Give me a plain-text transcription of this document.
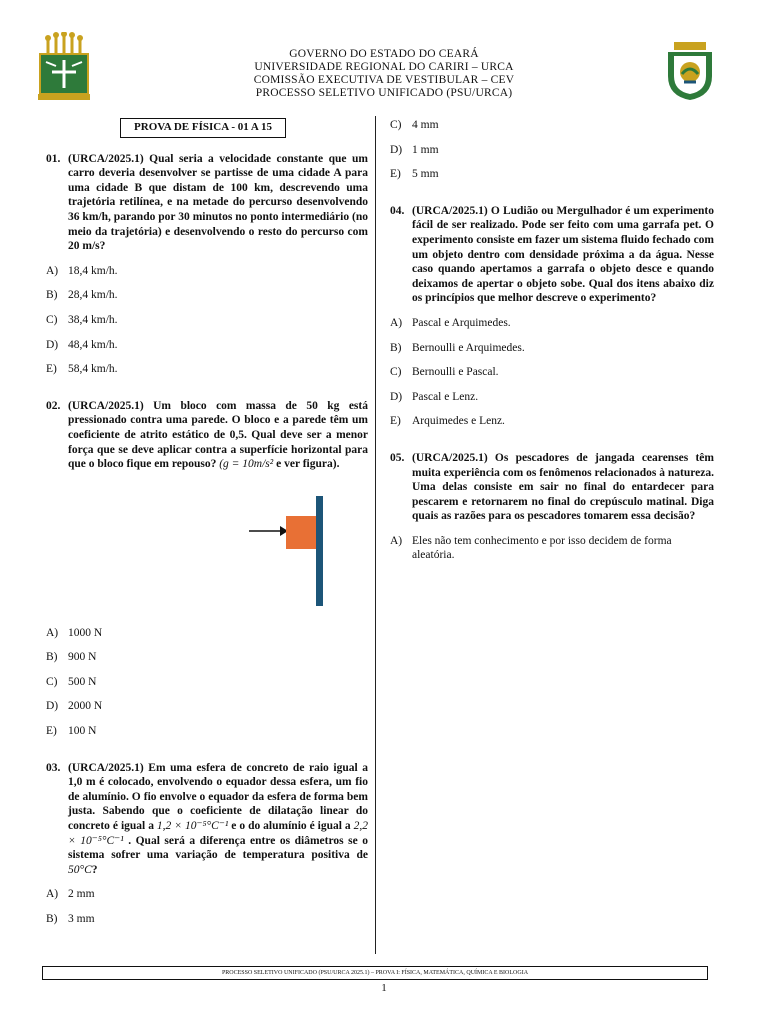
GOVERNO DO ESTADO DO CEARÁ
UNIVERSIDADE REGIONAL DO CARIRI – URCA
COMISSÃO EXECUTIVA DE VESTIBULAR – CEV
PROCESSO SELETIVO UNIFICADO (PSU/URCA)
PROVA DE FÍSICA - 01 A 15
01. (URCA/2025.1) Qual seria a velocidade constante que um carro deveria desenvolver se partisse de uma cidade A para uma cidade B que distam de 100 km, descrevendo uma trajetória retilínea, e na metade do percurso desenvolvendo 36 km/h, parando por 30 minutos no ponto intermediário (no meio da trajetória) e desenvolvendo o resto do percurso com 20 m/s?
A) 18,4 km/h.
B) 28,4 km/h.
C) 38,4 km/h.
D) 48,4 km/h.
E) 58,4 km/h.
02. (URCA/2025.1) Um bloco com massa de 50 kg está pressionado contra uma parede. O bloco e a parede têm um coeficiente de atrito estático de 0,5. Qual deve ser a menor força que se deve aplicar contra a superfície horizontal para que o bloco fique em repouso? (g = 10m/s² e ver figura).
A) 1000 N
B) 900 N
C) 500 N
D) 2000 N
E) 100 N
03. (URCA/2025.1) Em uma esfera de concreto de raio igual a 1,0 m é colocado, envolvendo o equador dessa esfera, um fio de alumínio. O fio envolve o equador da esfera de forma bem justa. Sabendo que o coeficiente de dilatação linear do concreto é igual a 1,2 × 10⁻⁵°C⁻¹ e o do alumínio é igual a 2,2 × 10⁻⁵°C⁻¹ . Qual será a diferença entre os diâmetros se o sistema sofrer uma variação de temperatura positiva de 50°C?
A) 2 mm
B) 3 mm
C) 4 mm
D) 1 mm
E) 5 mm
04. (URCA/2025.1) O Ludião ou Mergulhador é um experimento fácil de ser realizado. Pode ser feito com uma garrafa pet. O experimento consiste em fazer um sistema fluido fechado com um objeto dentro com densidade próxima a da água. Nesse caso quando apertamos a garrafa o objeto desce e quando deixamos de apertar o objeto sobe. Qual dos itens abaixo diz os princípios que melhor descreve o experimento?
A) Pascal e Arquimedes.
B) Bernoulli e Arquimedes.
C) Bernoulli e Pascal.
D) Pascal e Lenz.
E) Arquimedes e Lenz.
05. (URCA/2025.1) Os pescadores de jangada cearenses têm muita experiência com os fenômenos relacionados à natureza. Uma delas consiste em sair no final do entardecer para pescarem e retornarem no final do crepúsculo matinal. Diga quais as razões para os pescadores tomarem essa decisão?
A) Eles não tem conhecimento e por isso decidem de forma aleatória.
PROCESSO SELETIVO UNIFICADO (PSU/URCA 2025.1) – PROVA I: FÍSICA, MATEMÁTICA, QUÍMICA E BIOLOGIA
1
